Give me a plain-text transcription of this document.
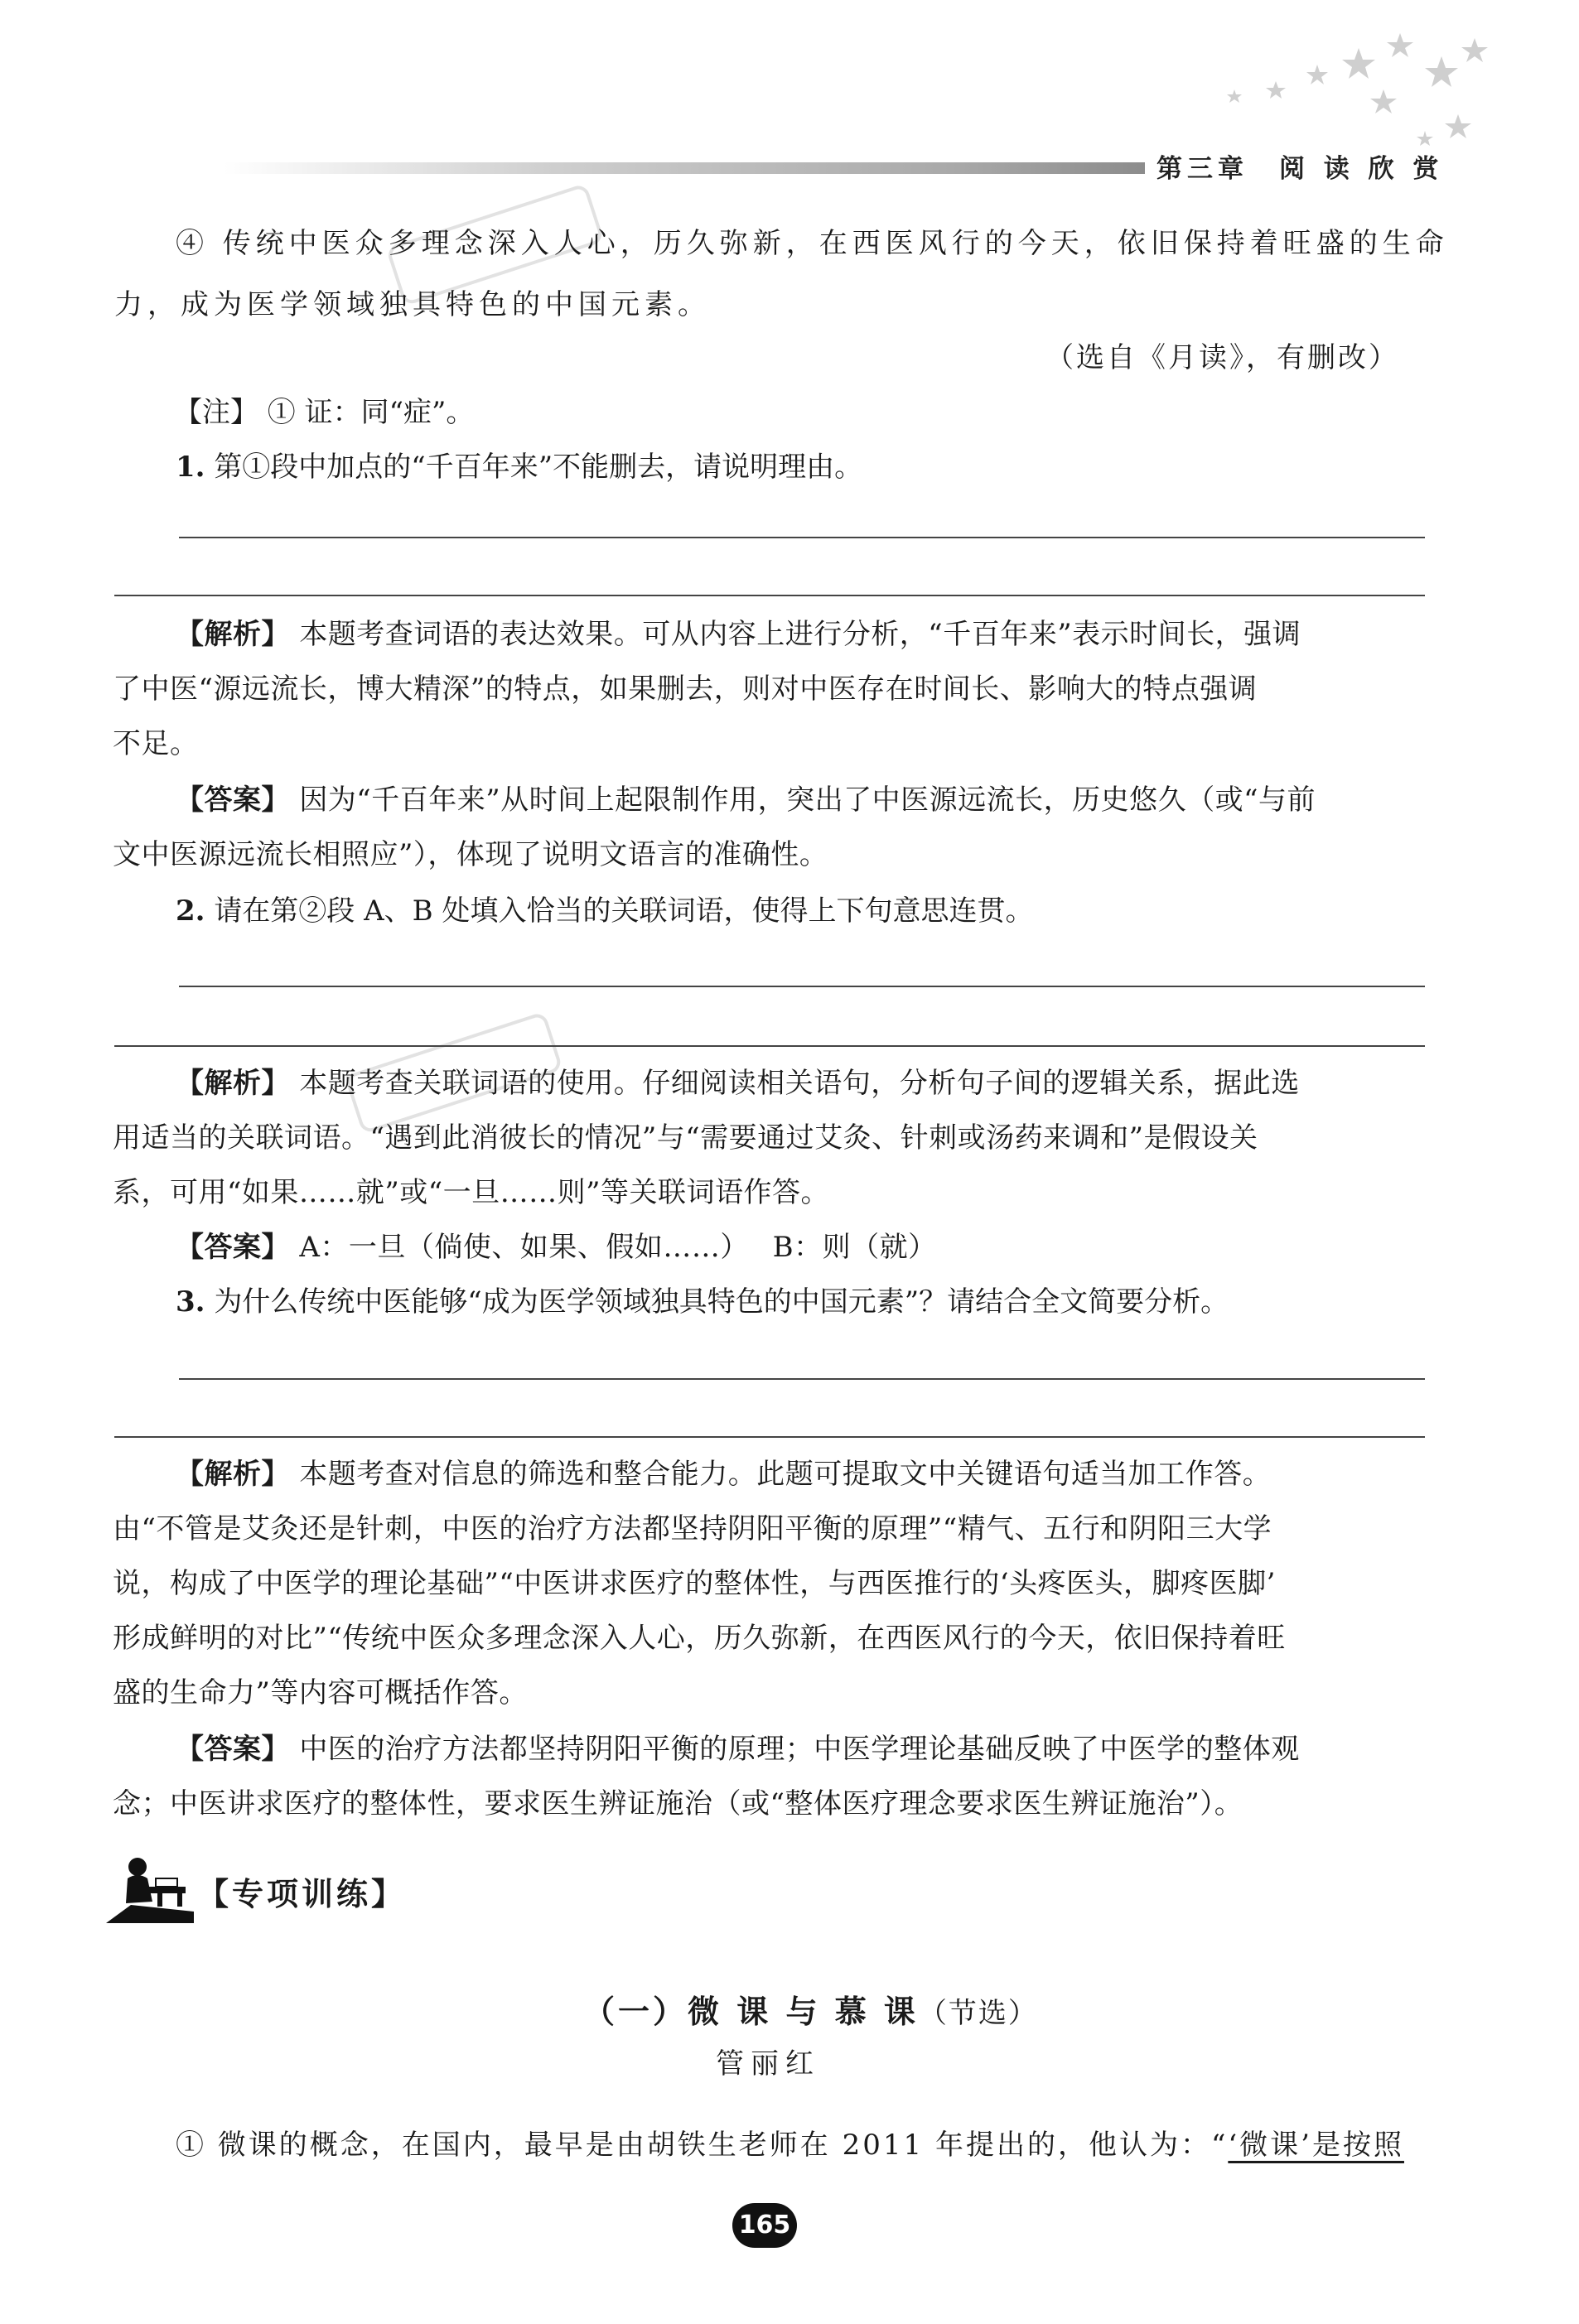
第三章　阅 读 欣 赏
④ 传统中医众多理念深入人心，历久弥新，在西医风行的今天，依旧保持着旺盛的生命
力，成为医学领域独具特色的中国元素。
（选自《月读》，有删改）
【注】 ① 证：同“症”。
1. 第①段中加点的“千百年来”不能删去，请说明理由。
【解析】 本题考查词语的表达效果。可从内容上进行分析，“千百年来”表示时间长，强调
了中医“源远流长，博大精深”的特点，如果删去，则对中医存在时间长、影响大的特点强调
不足。
【答案】 因为“千百年来”从时间上起限制作用，突出了中医源远流长，历史悠久（或“与前
文中医源远流长相照应”），体现了说明文语言的准确性。
2. 请在第②段 A、B 处填入恰当的关联词语，使得上下句意思连贯。
【解析】 本题考查关联词语的使用。仔细阅读相关语句，分析句子间的逻辑关系，据此选
用适当的关联词语。“遇到此消彼长的情况”与“需要通过艾灸、针刺或汤药来调和”是假设关
系，可用“如果……就”或“一旦……则”等关联词语作答。
【答案】 A：一旦（倘使、如果、假如……）　 B：则（就）
3. 为什么传统中医能够“成为医学领域独具特色的中国元素”？请结合全文简要分析。
【解析】 本题考查对信息的筛选和整合能力。此题可提取文中关键语句适当加工作答。
由“不管是艾灸还是针刺，中医的治疗方法都坚持阴阳平衡的原理”“精气、五行和阴阳三大学
说，构成了中医学的理论基础”“中医讲求医疗的整体性，与西医推行的‘头疼医头，脚疼医脚’
形成鲜明的对比”“传统中医众多理念深入人心，历久弥新，在西医风行的今天，依旧保持着旺
盛的生命力”等内容可概括作答。
【答案】 中医的治疗方法都坚持阴阳平衡的原理；中医学理论基础反映了中医学的整体观
念；中医讲求医疗的整体性，要求医生辨证施治（或“整体医疗理念要求医生辨证施治”）。
【专项训练】
（一）微 课 与 慕 课（节选）
管丽红
① 微课的概念，在国内，最早是由胡铁生老师在 2011 年提出的，他认为：“‘微课’是按照
165
